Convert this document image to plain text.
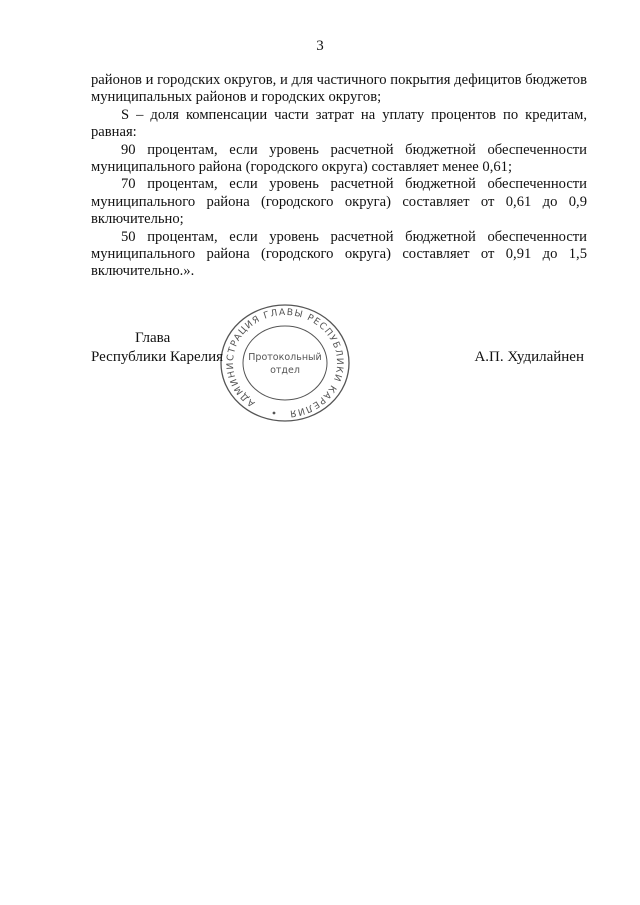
3

районов и городских округов, и для частичного покрытия дефицитов бюджетов муниципальных районов и городских округов;

S – доля компенсации части затрат на уплату процентов по кредитам, равная:

90 процентам, если уровень расчетной бюджетной обеспеченности муниципального района (городского округа) составляет менее 0,61;

70 процентам, если уровень расчетной бюджетной обеспеченности муниципального района (городского округа) составляет от 0,61 до 0,9 включительно;

50 процентам, если уровень расчетной бюджетной обеспеченности муниципального района (городского округа) составляет от 0,91 до 1,5 включительно.».

АДМИНИСТРАЦИЯ ГЛАВЫ РЕСПУБЛИКИ КАРЕЛИЯ
Протокольный
отдел
Глава
Республики Карелия	А.П. Худилайнен
